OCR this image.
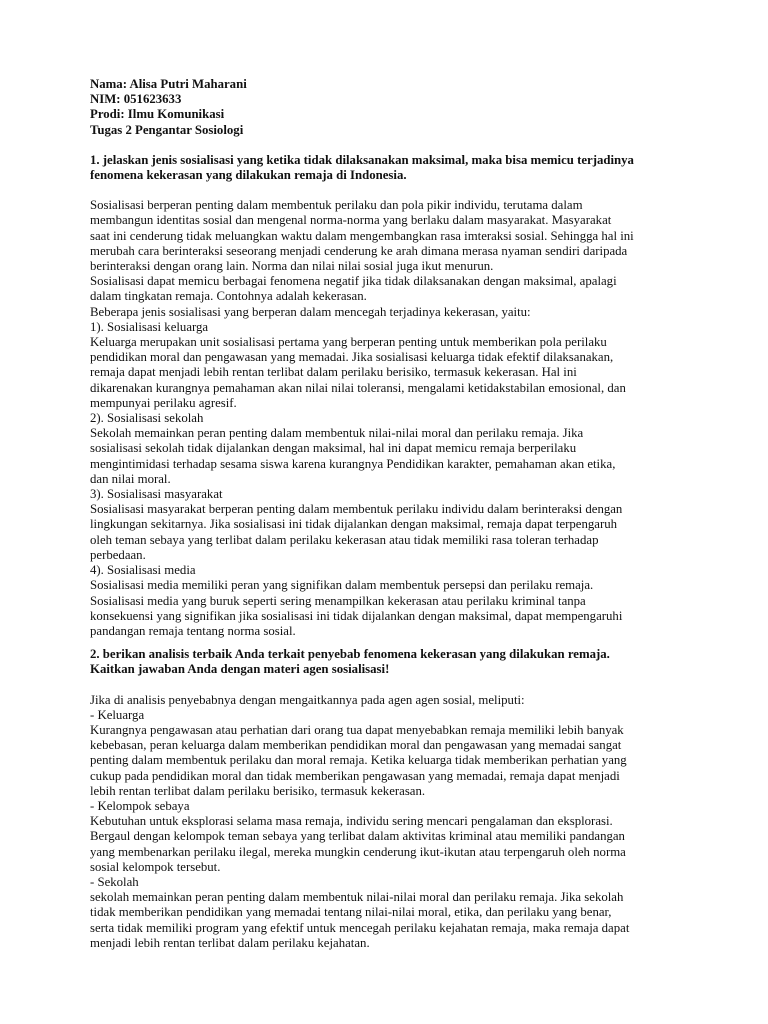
Nama: Alisa Putri Maharani
NIM: 051623633
Prodi: Ilmu Komunikasi
Tugas 2 Pengantar Sosiologi
1. jelaskan jenis sosialisasi yang ketika tidak dilaksanakan maksimal, maka bisa memicu terjadinya
fenomena kekerasan yang dilakukan remaja di Indonesia.
Sosialisasi berperan penting dalam membentuk perilaku dan pola pikir individu, terutama dalam
membangun identitas sosial dan mengenal norma-norma yang berlaku dalam masyarakat. Masyarakat
saat ini cenderung tidak meluangkan waktu dalam mengembangkan rasa imteraksi sosial. Sehingga hal ini
merubah cara berinteraksi seseorang menjadi cenderung ke arah dimana merasa nyaman sendiri daripada
berinteraksi dengan orang lain. Norma dan nilai nilai sosial juga ikut menurun.
Sosialisasi dapat memicu berbagai fenomena negatif jika tidak dilaksanakan dengan maksimal, apalagi
dalam tingkatan remaja. Contohnya adalah kekerasan.
Beberapa jenis sosialisasi yang berperan dalam mencegah terjadinya kekerasan, yaitu:
1). Sosialisasi keluarga
Keluarga merupakan unit sosialisasi pertama yang berperan penting untuk memberikan pola perilaku
pendidikan moral dan pengawasan yang memadai. Jika sosialisasi keluarga tidak efektif dilaksanakan,
remaja dapat menjadi lebih rentan terlibat dalam perilaku berisiko, termasuk kekerasan. Hal ini
dikarenakan kurangnya pemahaman akan nilai nilai toleransi, mengalami ketidakstabilan emosional, dan
mempunyai perilaku agresif.
2). Sosialisasi sekolah
Sekolah memainkan peran penting dalam membentuk nilai-nilai moral dan perilaku remaja. Jika
sosialisasi sekolah tidak dijalankan dengan maksimal, hal ini dapat memicu remaja berperilaku
mengintimidasi terhadap sesama siswa karena kurangnya Pendidikan karakter, pemahaman akan etika,
dan nilai moral.
3). Sosialisasi masyarakat
Sosialisasi masyarakat berperan penting dalam membentuk perilaku individu dalam berinteraksi dengan
lingkungan sekitarnya. Jika sosialisasi ini tidak dijalankan dengan maksimal, remaja dapat terpengaruh
oleh teman sebaya yang terlibat dalam perilaku kekerasan atau tidak memiliki rasa toleran terhadap
perbedaan.
4). Sosialisasi media
Sosialisasi media memiliki peran yang signifikan dalam membentuk persepsi dan perilaku remaja.
Sosialisasi media yang buruk seperti sering menampilkan kekerasan atau perilaku kriminal tanpa
konsekuensi yang signifikan jika sosialisasi ini tidak dijalankan dengan maksimal, dapat mempengaruhi
pandangan remaja tentang norma sosial.
2. berikan analisis terbaik Anda terkait penyebab fenomena kekerasan yang dilakukan remaja.
Kaitkan jawaban Anda dengan materi agen sosialisasi!
Jika di analisis penyebabnya dengan mengaitkannya pada agen agen sosial, meliputi:
- Keluarga
Kurangnya pengawasan atau perhatian dari orang tua dapat menyebabkan remaja memiliki lebih banyak
kebebasan, peran keluarga dalam memberikan pendidikan moral dan pengawasan yang memadai sangat
penting dalam membentuk perilaku dan moral remaja. Ketika keluarga tidak memberikan perhatian yang
cukup pada pendidikan moral dan tidak memberikan pengawasan yang memadai, remaja dapat menjadi
lebih rentan terlibat dalam perilaku berisiko, termasuk kekerasan.
- Kelompok sebaya
Kebutuhan untuk eksplorasi selama masa remaja, individu sering mencari pengalaman dan eksplorasi.
Bergaul dengan kelompok teman sebaya yang terlibat dalam aktivitas kriminal atau memiliki pandangan
yang membenarkan perilaku ilegal, mereka mungkin cenderung ikut-ikutan atau terpengaruh oleh norma
sosial kelompok tersebut.
- Sekolah
sekolah memainkan peran penting dalam membentuk nilai-nilai moral dan perilaku remaja. Jika sekolah
tidak memberikan pendidikan yang memadai tentang nilai-nilai moral, etika, dan perilaku yang benar,
serta tidak memiliki program yang efektif untuk mencegah perilaku kejahatan remaja, maka remaja dapat
menjadi lebih rentan terlibat dalam perilaku kejahatan.
